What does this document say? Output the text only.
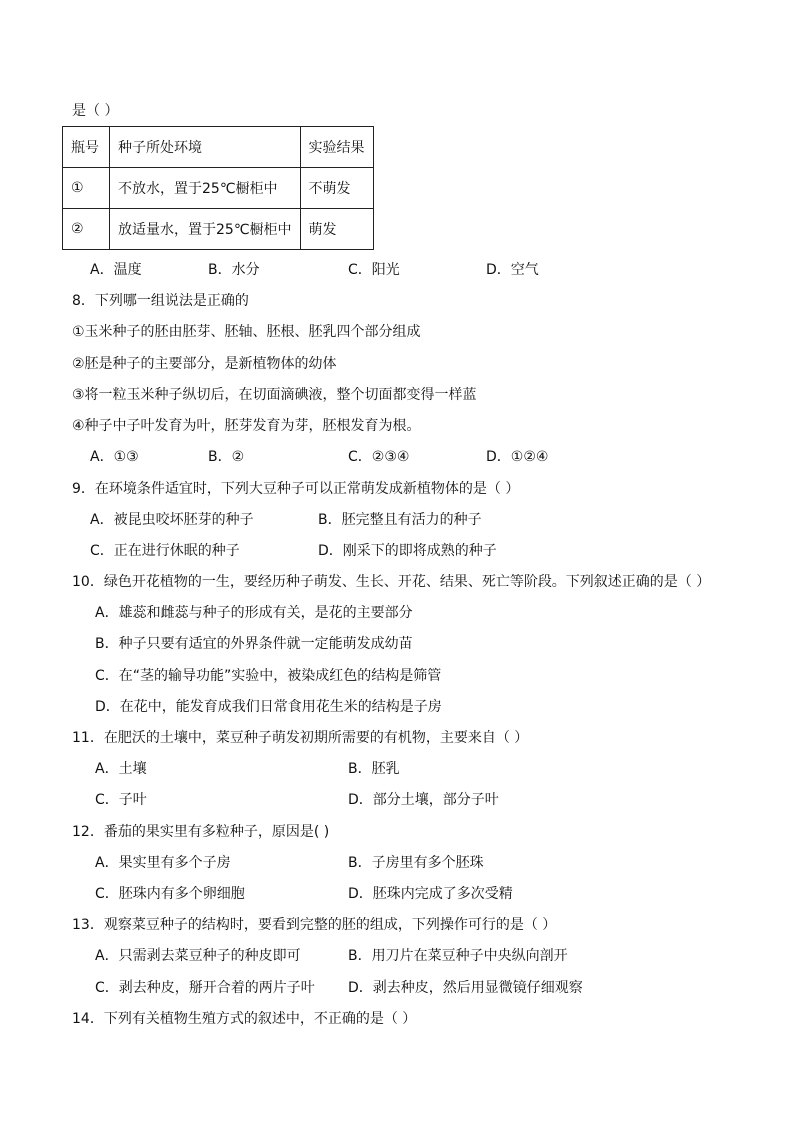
是（ ）
瓶号	种子所处环境	实验结果
①	不放水，置于25℃橱柜中	不萌发
②	放适量水，置于25℃橱柜中	萌发
A．温度	B．水分	C．阳光	D．空气
8．下列哪一组说法是正确的
①玉米种子的胚由胚芽、胚轴、胚根、胚乳四个部分组成
②胚是种子的主要部分，是新植物体的幼体
③将一粒玉米种子纵切后，在切面滴碘液，整个切面都变得一样蓝
④种子中子叶发育为叶，胚芽发育为芽，胚根发育为根。
A．①③	B．②	C．②③④	D．①②④
9．在环境条件适宜时，下列大豆种子可以正常萌发成新植物体的是（ ）
A．被昆虫咬坏胚芽的种子	B．胚完整且有活力的种子
C．正在进行休眠的种子	D．刚采下的即将成熟的种子
10．绿色开花植物的一生，要经历种子萌发、生长、开花、结果、死亡等阶段。下列叙述正确的是（ ）
A．雄蕊和雌蕊与种子的形成有关，是花的主要部分
B．种子只要有适宜的外界条件就一定能萌发成幼苗
C．在“茎的输导功能”实验中，被染成红色的结构是筛管
D．在花中，能发育成我们日常食用花生米的结构是子房
11．在肥沃的土壤中，菜豆种子萌发初期所需要的有机物，主要来自（ ）
A．土壤	B．胚乳
C．子叶	D．部分土壤，部分子叶
12．番茄的果实里有多粒种子，原因是( )
A．果实里有多个子房	B．子房里有多个胚珠
C．胚珠内有多个卵细胞	D．胚珠内完成了多次受精
13．观察菜豆种子的结构时，要看到完整的胚的组成，下列操作可行的是（ ）
A．只需剥去菜豆种子的种皮即可	B．用刀片在菜豆种子中央纵向剖开
C．剥去种皮，掰开合着的两片子叶 D．剥去种皮，然后用显微镜仔细观察
14．下列有关植物生殖方式的叙述中，不正确的是（ ）
